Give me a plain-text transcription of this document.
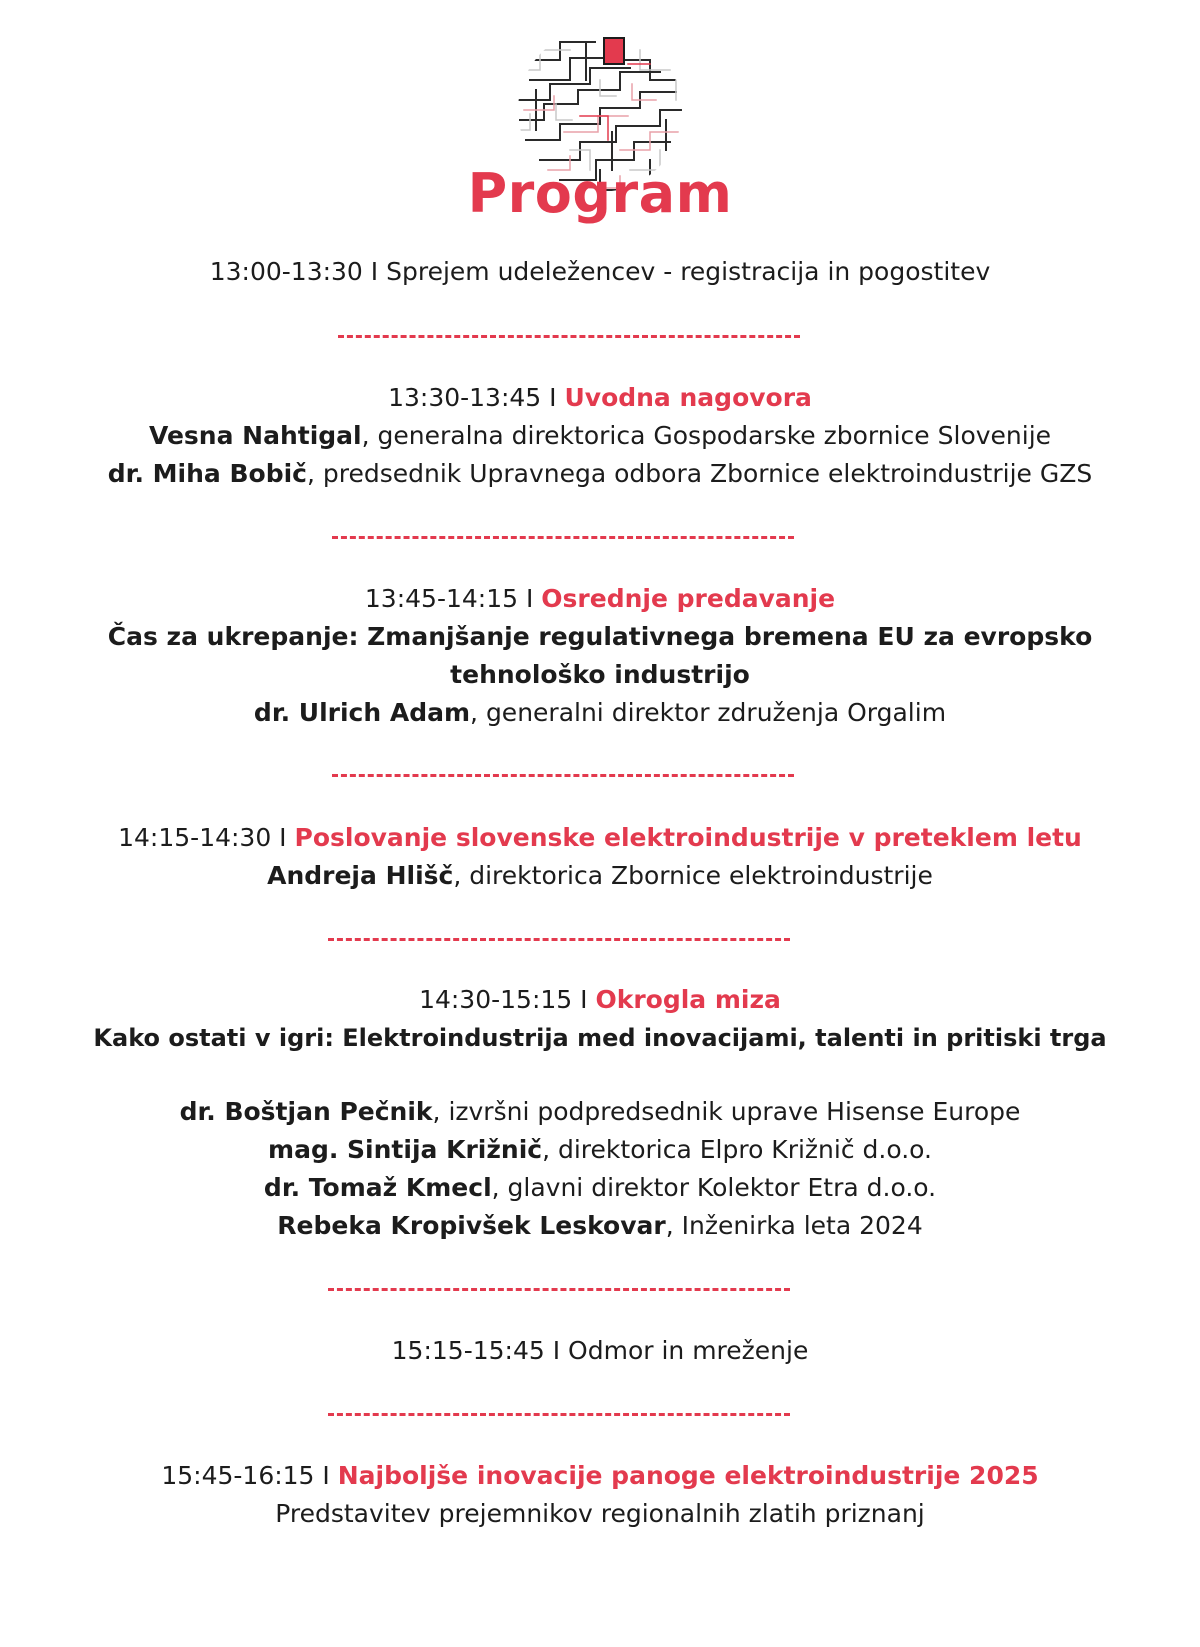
Program
13:00-13:30 I Sprejem udeležencev - registracija in pogostitev
13:30-13:45 I Uvodna nagovora
Vesna Nahtigal, generalna direktorica Gospodarske zbornice Slovenije
dr. Miha Bobič, predsednik Upravnega odbora Zbornice elektroindustrije GZS
13:45-14:15 I Osrednje predavanje
Čas za ukrepanje: Zmanjšanje regulativnega bremena EU za evropsko
tehnološko industrijo
dr. Ulrich Adam, generalni direktor združenja Orgalim
14:15-14:30 I Poslovanje slovenske elektroindustrije v preteklem letu
Andreja Hlišč, direktorica Zbornice elektroindustrije
14:30-15:15 I Okrogla miza
Kako ostati v igri: Elektroindustrija med inovacijami, talenti in pritiski trga
dr. Boštjan Pečnik, izvršni podpredsednik uprave Hisense Europe
mag. Sintija Križnič, direktorica Elpro Križnič d.o.o.
dr. Tomaž Kmecl, glavni direktor Kolektor Etra d.o.o.
Rebeka Kropivšek Leskovar, Inženirka leta 2024
15:15-15:45 I Odmor in mreženje
15:45-16:15 I Najboljše inovacije panoge elektroindustrije 2025
Predstavitev prejemnikov regionalnih zlatih priznanj
